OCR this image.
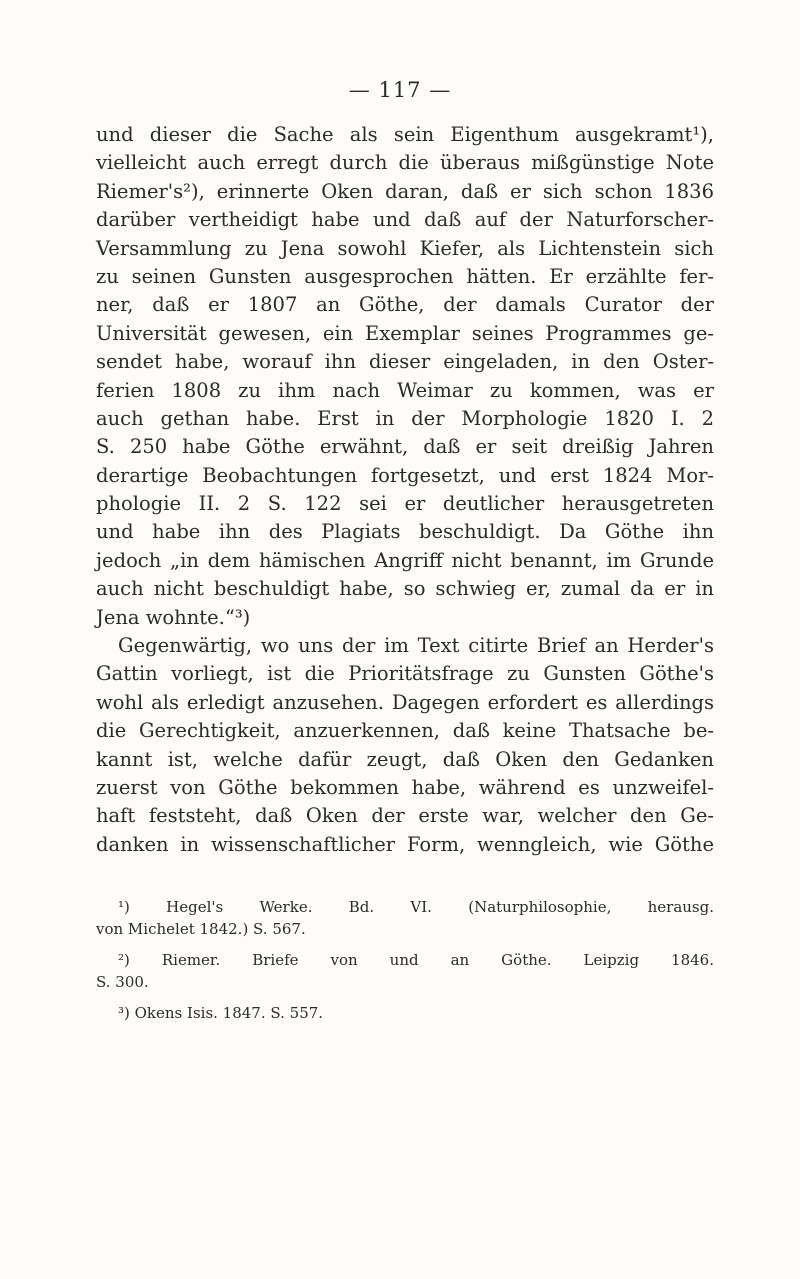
— 117 —
und dieser die Sache als sein Eigenthum ausgekramt¹),
vielleicht auch erregt durch die überaus mißgünstige Note
Riemer's²), erinnerte Oken daran, daß er sich schon 1836
darüber vertheidigt habe und daß auf der Naturforscher-
Versammlung zu Jena sowohl Kiefer, als Lichtenstein sich
zu seinen Gunsten ausgesprochen hätten. Er erzählte fer-
ner, daß er 1807 an Göthe, der damals Curator der
Universität gewesen, ein Exemplar seines Programmes ge-
sendet habe, worauf ihn dieser eingeladen, in den Oster-
ferien 1808 zu ihm nach Weimar zu kommen, was er
auch gethan habe. Erst in der Morphologie 1820 I. 2
S. 250 habe Göthe erwähnt, daß er seit dreißig Jahren
derartige Beobachtungen fortgesetzt, und erst 1824 Mor-
phologie II. 2 S. 122 sei er deutlicher herausgetreten
und habe ihn des Plagiats beschuldigt. Da Göthe ihn
jedoch „in dem hämischen Angriff nicht benannt, im Grunde
auch nicht beschuldigt habe, so schwieg er, zumal da er in
Jena wohnte.“³)
Gegenwärtig, wo uns der im Text citirte Brief an Herder's
Gattin vorliegt, ist die Prioritätsfrage zu Gunsten Göthe's
wohl als erledigt anzusehen. Dagegen erfordert es allerdings
die Gerechtigkeit, anzuerkennen, daß keine Thatsache be-
kannt ist, welche dafür zeugt, daß Oken den Gedanken
zuerst von Göthe bekommen habe, während es unzweifel-
haft feststeht, daß Oken der erste war, welcher den Ge-
danken in wissenschaftlicher Form, wenngleich, wie Göthe
¹) Hegel's Werke. Bd. VI. (Naturphilosophie, herausg.
von Michelet 1842.) S. 567.
²) Riemer. Briefe von und an Göthe. Leipzig 1846.
S. 300.
³) Okens Isis. 1847. S. 557.
